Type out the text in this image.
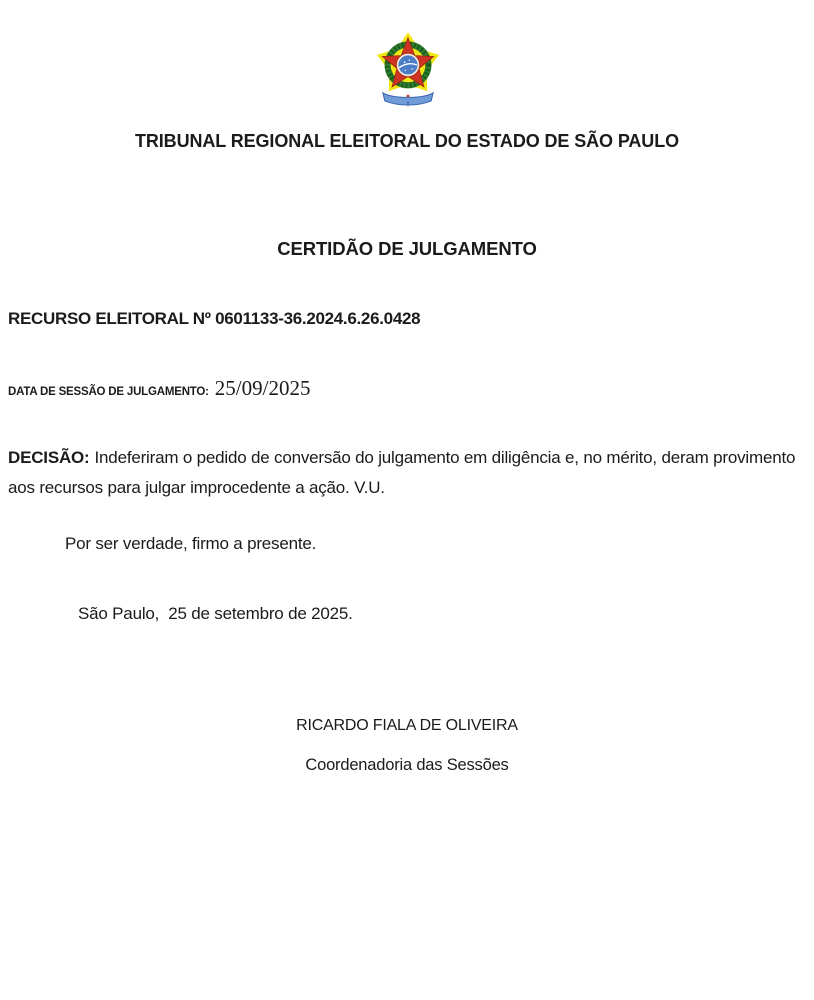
TRIBUNAL REGIONAL ELEITORAL DO ESTADO DE SÃO PAULO
CERTIDÃO DE JULGAMENTO

RECURSO ELEITORAL Nº 0601133-36.2024.6.26.0428

DATA DE SESSÃO DE JULGAMENTO: 25/09/2025

DECISÃO: Indeferiram o pedido de conversão do julgamento em diligência e, no mérito, deram provimento aos recursos para julgar improcedente a ação. V.U.

Por ser verdade, firmo a presente.

São Paulo,  25 de setembro de 2025.

RICARDO FIALA DE OLIVEIRA

Coordenadoria das Sessões
